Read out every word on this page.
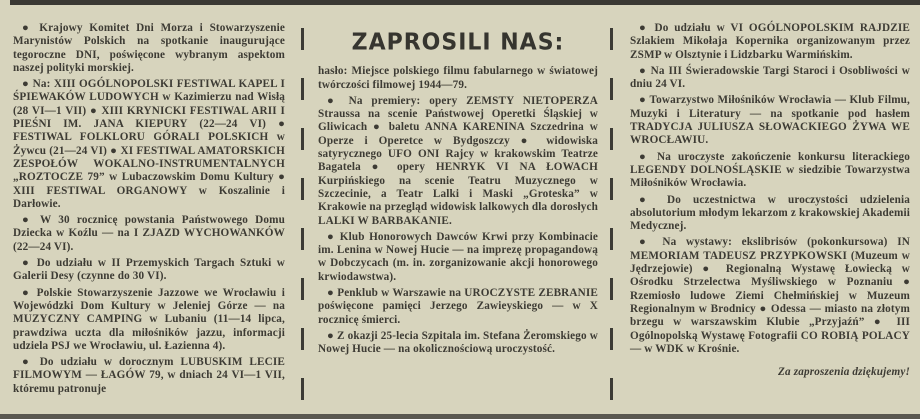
● Krajowy Komitet Dni Morza i Stowarzyszenie Marynistów Polskich na spotkanie inaugurujące tegoroczne DNI, poświęcone wybranym aspektom naszej polityki morskiej.

● Na: XIII OGÓLNOPOLSKI FESTIWAL KAPEL I ŚPIEWAKÓW LUDOWYCH w Kazimierzu nad Wisłą (28 VI—1 VII) ● XIII KRYNICKI FESTIWAL ARII I PIEŚNI IM. JANA KIEPURY (22—24 VI) ● FESTIWAL FOLKLORU GÓRALI POLSKICH w Żywcu (21—24 VI) ● XI FESTIWAL AMATORSKICH ZESPOŁÓW WOKALNO-INSTRUMENTALNYCH „ROZTOCZE 79” w Lubaczowskim Domu Kultury ● XIII FESTIWAL ORGANOWY w Koszalinie i Darłowie.

● W 30 rocznicę powstania Państwowego Domu Dziecka w Koźlu — na I ZJAZD WYCHOWANKÓW (22—24 VI).

● Do udziału w II Przemyskich Targach Sztuki w Galerii Desy (czynne do 30 VI).

● Polskie Stowarzyszenie Jazzowe we Wrocławiu i Wojewódzki Dom Kultury w Jeleniej Górze — na MUZYCZNY CAMPING w Lubaniu (11—14 lipca, prawdziwa uczta dla miłośników jazzu, informacji udziela PSJ we Wrocławiu, ul. Łazienna 4).

● Do udziału w dorocznym LUBUSKIM LECIE FILMOWYM — ŁAGÓW 79, w dniach 24 VI—1 VII, któremu patronuje

ZAPROSILI NAS:

hasło: Miejsce polskiego filmu fabularnego w światowej twórczości filmowej 1944—79.

● Na premiery: opery ZEMSTY NIETOPERZA Straussa na scenie Państwowej Operetki Śląskiej w Gliwicach ● baletu ANNA KARENINA Szczedrina w Operze i Operetce w Bydgoszczy ● widowiska satyrycznego UFO ONI Rajcy w krakowskim Teatrze Bagatela ● opery HENRYK VI NA ŁOWACH Kurpińskiego na scenie Teatru Muzycznego w Szczecinie, a Teatr Lalki i Maski „Groteska” w Krakowie na przegląd widowisk lalkowych dla dorosłych LALKI W BARBAKANIE.

● Klub Honorowych Dawców Krwi przy Kombinacie im. Lenina w Nowej Hucie — na imprezę propagandową w Dobczycach (m. in. zorganizowanie akcji honorowego krwiodawstwa).

● Penklub w Warszawie na UROCZYSTE ZEBRANIE poświęcone pamięci Jerzego Zawieyskiego — w X rocznicę śmierci.

● Z okazji 25-lecia Szpitala im. Stefana Żeromskiego w Nowej Hucie — na okolicznościową uroczystość.

● Do udziału w VI OGÓLNOPOLSKIM RAJDZIE Szlakiem Mikołaja Kopernika organizowanym przez ZSMP w Olsztynie i Lidzbarku Warmińskim.

● Na III Świeradowskie Targi Staroci i Osobliwości w dniu 24 VI.

● Towarzystwo Miłośników Wrocławia — Klub Filmu, Muzyki i Literatury — na spotkanie pod hasłem TRADYCJA JULIUSZA SŁOWACKIEGO ŻYWA WE WROCŁAWIU.

● Na uroczyste zakończenie konkursu literackiego LEGENDY DOLNOŚLĄSKIE w siedzibie Towarzystwa Miłośników Wrocławia.

● Do uczestnictwa w uroczystości udzielenia absolutorium młodym lekarzom z krakowskiej Akademii Medycznej.

● Na wystawy: ekslibrisów (pokonkursowa) IN MEMORIAM TADEUSZ PRZYPKOWSKI (Muzeum w Jędrzejowie) ● Regionalną Wystawę Łowiecką w Ośrodku Strzelectwa Myśliwskiego w Poznaniu ● Rzemiosło ludowe Ziemi Chełmińskiej w Muzeum Regionalnym w Brodnicy ● Odessa — miasto na złotym brzegu w warszawskim Klubie „Przyjaźń” ● III Ogólnopolską Wystawę Fotografii CO ROBIĄ POLACY — w WDK w Krośnie.

Za zaproszenia dziękujemy!
